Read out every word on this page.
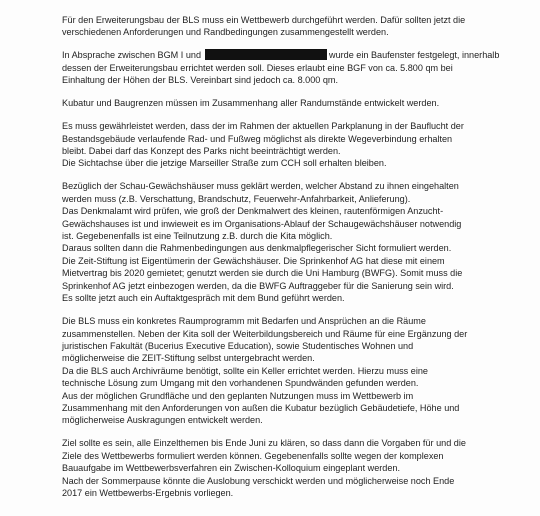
Für den Erweiterungsbau der BLS muss ein Wettbewerb durchgeführt werden. Dafür sollten jetzt die
verschiedenen Anforderungen und Randbedingungen zusammengestellt werden.

In Absprache zwischen BGM I und	wurde ein Baufenster festgelegt, innerhalb
dessen der Erweiterungsbau errichtet werden soll. Dieses erlaubt eine BGF von ca. 5.800 qm bei
Einhaltung der Höhen der BLS. Vereinbart sind jedoch ca. 8.000 qm.

Kubatur und Baugrenzen müssen im Zusammenhang aller Randumstände entwickelt werden.

Es muss gewährleistet werden, dass der im Rahmen der aktuellen Parkplanung in der Bauflucht der
Bestandsgebäude verlaufende Rad- und Fußweg möglichst als direkte Wegeverbindung erhalten
bleibt. Dabei darf das Konzept des Parks nicht beeinträchtigt werden.
Die Sichtachse über die jetzige Marseiller Straße zum CCH soll erhalten bleiben.

Bezüglich der Schau-Gewächshäuser muss geklärt werden, welcher Abstand zu ihnen eingehalten
werden muss (z.B. Verschattung, Brandschutz, Feuerwehr-Anfahrbarkeit, Anlieferung).
Das Denkmalamt wird prüfen, wie groß der Denkmalwert des kleinen, rautenförmigen Anzucht-
Gewächshauses ist und inwieweit es im Organisations-Ablauf der Schaugewächshäuser notwendig
ist. Gegebenenfalls ist eine Teilnutzung z.B. durch die Kita möglich.
Daraus sollten dann die Rahmenbedingungen aus denkmalpflegerischer Sicht formuliert werden.
Die Zeit-Stiftung ist Eigentümerin der Gewächshäuser. Die Sprinkenhof AG hat diese mit einem
Mietvertrag bis 2020 gemietet; genutzt werden sie durch die Uni Hamburg (BWFG). Somit muss die
Sprinkenhof AG jetzt einbezogen werden, da die BWFG Auftraggeber für die Sanierung sein wird.
Es sollte jetzt auch ein Auftaktgespräch mit dem Bund geführt werden.

Die BLS muss ein konkretes Raumprogramm mit Bedarfen und Ansprüchen an die Räume
zusammenstellen. Neben der Kita soll der Weiterbildungsbereich und Räume für eine Ergänzung der
juristischen Fakultät (Bucerius Executive Education), sowie Studentisches Wohnen und
möglicherweise die ZEIT-Stiftung selbst untergebracht werden.
Da die BLS auch Archivräume benötigt, sollte ein Keller errichtet werden. Hierzu muss eine
technische Lösung zum Umgang mit den vorhandenen Spundwänden gefunden werden.
Aus der möglichen Grundfläche und den geplanten Nutzungen muss im Wettbewerb im
Zusammenhang mit den Anforderungen von außen die Kubatur bezüglich Gebäudetiefe, Höhe und
möglicherweise Auskragungen entwickelt werden.

Ziel sollte es sein, alle Einzelthemen bis Ende Juni zu klären, so dass dann die Vorgaben für und die
Ziele des Wettbewerbs formuliert werden können. Gegebenenfalls sollte wegen der komplexen
Bauaufgabe im Wettbewerbsverfahren ein Zwischen-Kolloquium eingeplant werden.
Nach der Sommerpause könnte die Auslobung verschickt werden und möglicherweise noch Ende
2017 ein Wettbewerbs-Ergebnis vorliegen.
